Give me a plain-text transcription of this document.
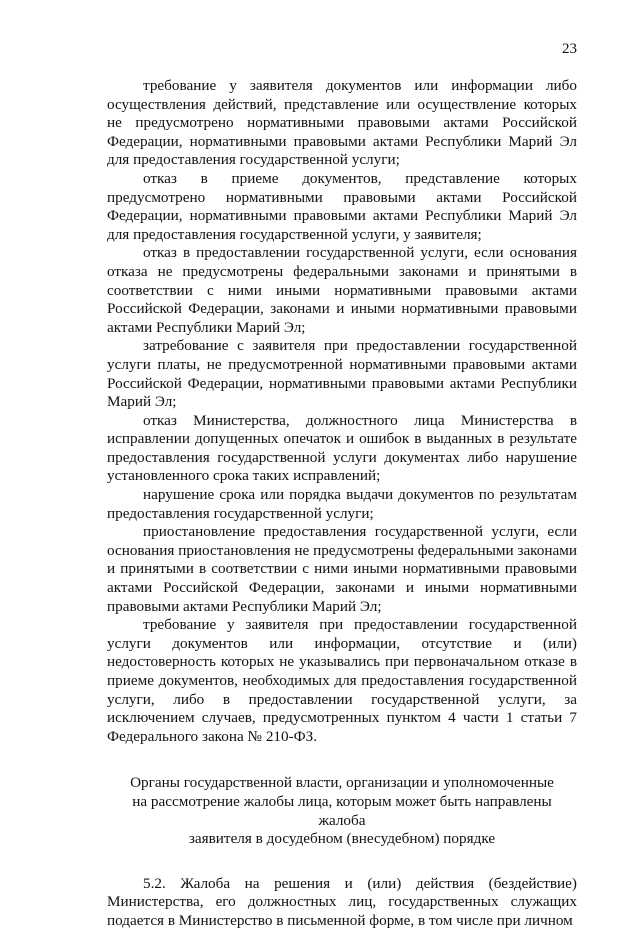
23

требование у заявителя документов или информации либо осуществления действий, представление или осуществление которых не предусмотрено нормативными правовыми актами Российской Федерации, нормативными правовыми актами Республики Марий Эл для предоставления государственной услуги;

отказ в приеме документов, представление которых предусмотрено нормативными правовыми актами Российской Федерации, нормативными правовыми актами Республики Марий Эл для предоставления государственной услуги, у заявителя;

отказ в предоставлении государственной услуги, если основания отказа не предусмотрены федеральными законами и принятыми в соответствии с ними иными нормативными правовыми актами Российской Федерации, законами и иными нормативными правовыми актами Республики Марий Эл;

затребование с заявителя при предоставлении государственной услуги платы, не предусмотренной нормативными правовыми актами Российской Федерации, нормативными правовыми актами Республики Марий Эл;

отказ Министерства, должностного лица Министерства в исправлении допущенных опечаток и ошибок в выданных в результате предоставления государственной услуги документах либо нарушение установленного срока таких исправлений;

нарушение срока или порядка выдачи документов по результатам предоставления государственной услуги;

приостановление предоставления государственной услуги, если основания приостановления не предусмотрены федеральными законами и принятыми в соответствии с ними иными нормативными правовыми актами Российской Федерации, законами и иными нормативными правовыми актами Республики Марий Эл;

требование у заявителя при предоставлении государственной услуги документов или информации, отсутствие и (или) недостоверность которых не указывались при первоначальном отказе в приеме документов, необходимых для предоставления государственной услуги, либо в предоставлении государственной услуги, за исключением случаев, предусмотренных пунктом 4 части 1 статьи 7 Федерального закона № 210-ФЗ.

Органы государственной власти, организации и уполномоченные
на рассмотрение жалобы лица, которым может быть направлены жалоба
заявителя в досудебном (внесудебном) порядке

5.2. Жалоба на решения и (или) действия (бездействие) Министерства, его должностных лиц, государственных служащих подается в Министерство в письменной форме, в том числе при личном
